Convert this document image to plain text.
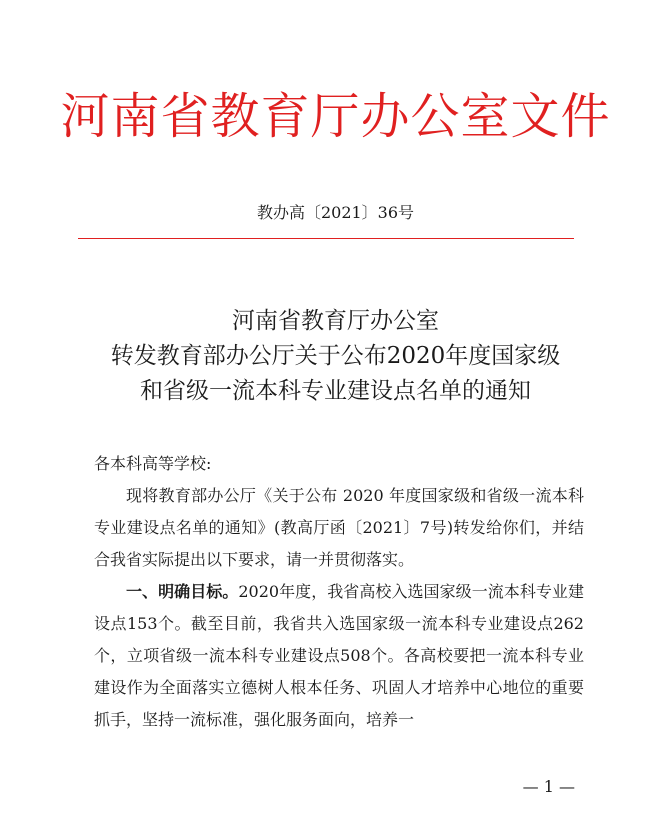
河南省教育厅办公室文件
教办高〔2021〕36号
河南省教育厅办公室
转发教育部办公厅关于公布2020年度国家级
和省级一流本科专业建设点名单的通知

各本科高等学校:

现将教育部办公厅《关于公布 2020 年度国家级和省级一流本科专业建设点名单的通知》(教高厅函〔2021〕7号)转发给你们，并结合我省实际提出以下要求，请一并贯彻落实。

一、明确目标。2020年度，我省高校入选国家级一流本科专业建设点153个。截至目前，我省共入选国家级一流本科专业建设点262个，立项省级一流本科专业建设点508个。各高校要把一流本科专业建设作为全面落实立德树人根本任务、巩固人才培养中心地位的重要抓手，坚持一流标准，强化服务面向，培养一

— 1 —
